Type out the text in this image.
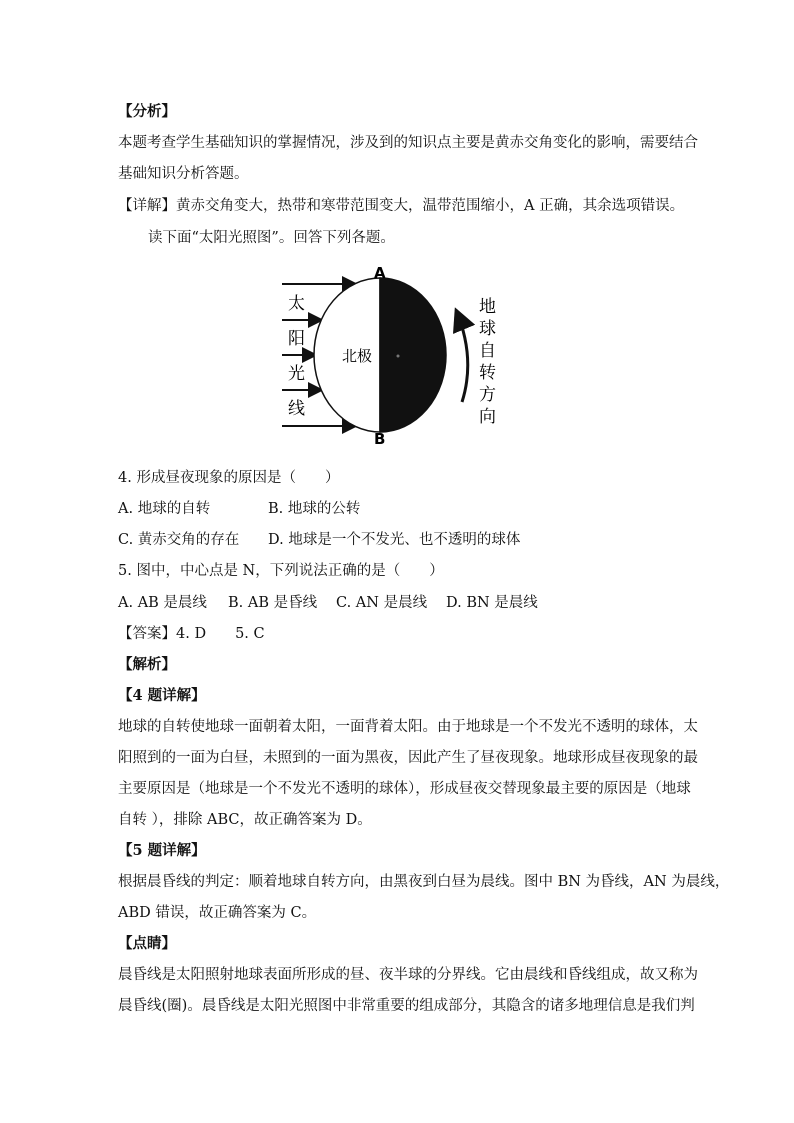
【分析】
本题考查学生基础知识的掌握情况，涉及到的知识点主要是黄赤交角变化的影响，需要结合
基础知识分析答题。
【详解】黄赤交角变大，热带和寒带范围变大，温带范围缩小，A 正确，其余选项错误。
读下面“太阳光照图”。回答下列各题。
太
阳
光
线
A
B
北极
地
球
自
转
方
向
4. 形成昼夜现象的原因是（　　）
A. 地球的自转	B. 地球的公转
C. 黄赤交角的存在 D. 地球是一个不发光、也不透明的球体
5. 图中，中心点是 N，下列说法正确的是（　　）
A. AB 是晨线 B. AB 是昏线 C. AN 是晨线 D. BN 是晨线
【答案】4. D　　5. C
【解析】
【4 题详解】
地球的自转使地球一面朝着太阳，一面背着太阳。由于地球是一个不发光不透明的球体，太
阳照到的一面为白昼，未照到的一面为黑夜，因此产生了昼夜现象。地球形成昼夜现象的最
主要原因是（地球是一个不发光不透明的球体），形成昼夜交替现象最主要的原因是（地球
自转 ），排除 ABC，故正确答案为 D。
【5 题详解】
根据晨昏线的判定：顺着地球自转方向，由黑夜到白昼为晨线。图中 BN 为昏线，AN 为晨线，
ABD 错误，故正确答案为 C。
【点睛】
晨昏线是太阳照射地球表面所形成的昼、夜半球的分界线。它由晨线和昏线组成，故又称为
晨昏线(圈)。晨昏线是太阳光照图中非常重要的组成部分，其隐含的诸多地理信息是我们判
